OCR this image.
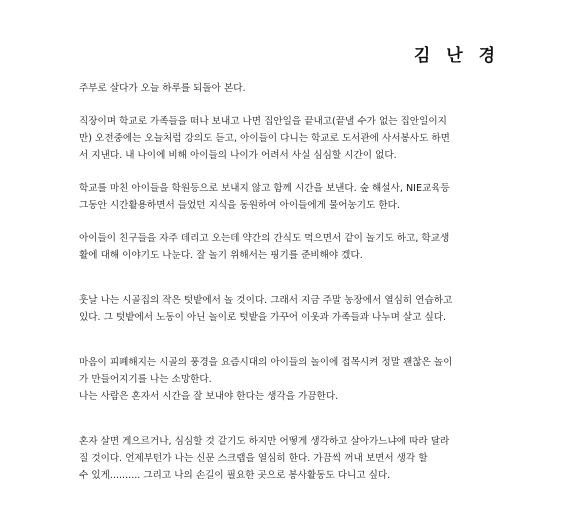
김 난 경

주부로 살다가 오늘 하루를 되돌아 본다.

직장이며 학교로 가족들을 떠나 보내고 나면 집안일을 끝내고(끝낼 수가 없는 집안일이지
만) 오전중에는 오늘처럼 강의도 듣고, 아이들이 다니는 학교로 도서관에 사서봉사도 하면
서 지낸다. 내 나이에 비해 아이들의 나이가 어려서 사실 심심할 시간이 없다.

학교를 마친 아이들을 학원등으로 보내지 않고 함께 시간을 보낸다. 숲 해설사, NIE교육등
그동안 시간활용하면서 들었던 지식을 동원하여 아이들에게 물어농기도 한다.

아이들이 친구들을 자주 데리고 오는데 약간의 간식도 먹으면서 같이 놀기도 하고, 학교생
활에 대해 이야기도 나눈다. 잘 놀기 위해서는 핑기를 준비해야 겠다.

훗날 나는 시골집의 작은 텃밭에서 놀 것이다. 그래서 지금 주말 농장에서 열심히 연습하고
있다. 그 텃밭에서 노동이 아닌 놀이로 텃밭을 가꾸어 이웃과 가족들과 나누며 살고 싶다.

마음이 피폐해지는 시골의 풍경을 요즘시대의 아이들의 놀이에 접목시켜 정말 괜찮은 놀이
가 만들어지기를 나는 소망한다.
나는 사람은 혼자서 시간을 잘 보내야 한다는 생각을 가끔한다.

혼자 살면 게으르거나, 심심할 것 같기도 하지만 어떻게 생각하고 살아가느냐에 따라 달라
질 것이다. 언제부턴가 나는 신문 스크랩을 열심히 한다. 가끔씩 꺼내 보면서 생각 할
수 있게.......... 그리고 나의 손길이 필요한 곳으로 봉사활동도 다니고 싶다.
